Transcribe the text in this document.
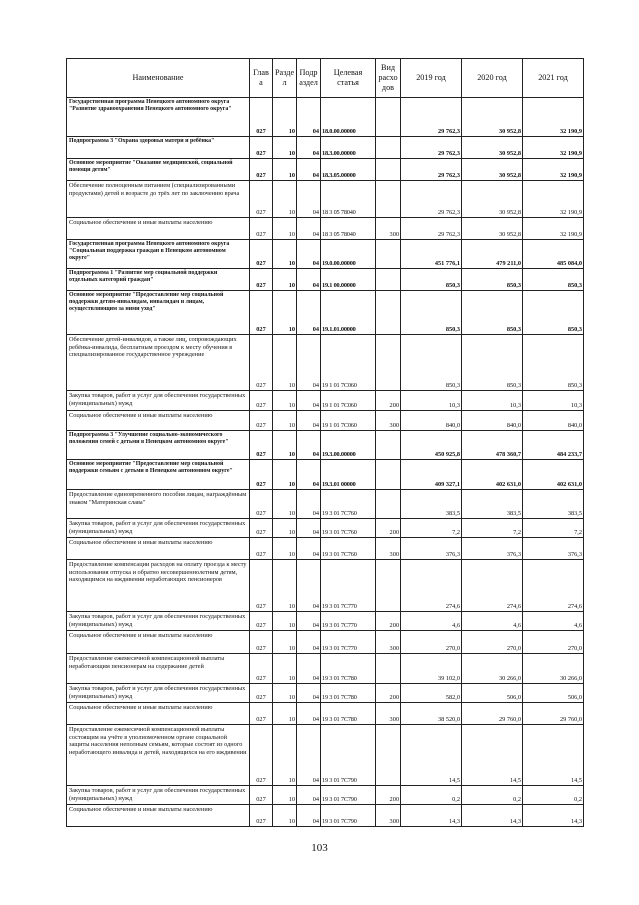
Наименование	Глав а	Разде л	Подр аздел	Целевая статья	Вид расхо дов	2019 год	2020 год	2021 год
Государственная программа Ненецкого автономного округа "Развитие здравоохранения Ненецкого автономного округа"	027	10	04	18.0.00.00000		29 762,3	30 952,8	32 190,9
Подпрограмма 3 "Охрана здоровья матери и ребёнка"	027	10	04	18.3.00.00000		29 762,3	30 952,8	32 190,9
Основное мероприятие "Оказание медицинской, социальной помощи детям"	027	10	04	18.3.05.00000		29 762,3	30 952,8	32 190,9
Обеспечение полноценным питанием (специализированными продуктами) детей в возрасте до трёх лет по заключению врача	027	10	04	18 3 05 78040		29 762,3	30 952,8	32 190,9
Социальное обеспечение и иные выплаты населению	027	10	04	18 3 05 78040	300	29 762,3	30 952,8	32 190,9
Государственная программа Ненецкого автономного округа "Социальная поддержка граждан в Ненецком автономном округе"	027	10	04	19.0.00.00000		451 776,1	479 211,0	485 084,0
Подпрограмма 1 "Развитие мер социальной поддержки отдельных категорий граждан"	027	10	04	19.1 00.00000		850,3	850,3	850,3
Основное мероприятие "Предоставление мер социальной поддержки детям-инвалидам, инвалидам и лицам, осуществляющим за ними уход"	027	10	04	19.1.01.00000		850,3	850,3	850,3
Обеспечение детей-инвалидов, а также лиц, сопровождающих ребёнка-инвалида, бесплатным проездом к месту обучения в специализированное государственное учреждение	027	10	04	19 1 01 7C060		850,3	850,3	850,3
Закупка товаров, работ и услуг для обеспечения государственных (муниципальных) нужд	027	10	04	19 1 01 7C060	200	10,3	10,3	10,3
Социальное обеспечение и иные выплаты населению	027	10	04	19 1 01 7C060	300	840,0	840,0	840,0
Подпрограмма 3 "Улучшение социально-экономического положения семей с детьми в Ненецком автономном округе"	027	10	04	19.3.00.00000		450 925,8	478 360,7	484 233,7
Основное мероприятие "Предоставление мер социальной поддержки семьям с детьми в Ненецком автономном округе"	027	10	04	19.3.01 00000		409 327,1	402 631,0	402 631,0
Предоставление единовременного пособия лицам, награждённым знаком "Материнская слава"	027	10	04	19 3 01 7C760		383,5	383,5	383,5
Закупка товаров, работ и услуг для обеспечения государственных (муниципальных) нужд	027	10	04	19 3 01 7C760	200	7,2	7,2	7,2
Социальное обеспечение и иные выплаты населению	027	10	04	19 3 01 7C760	300	376,3	376,3	376,3
Предоставление компенсации расходов на оплату проезда к месту использования отпуска и обратно несовершеннолетним детям, находящимся на иждивении неработающих пенсионеров	027	10	04	19 3 01 7C770		274,6	274,6	274,6
Закупка товаров, работ и услуг для обеспечения государственных (муниципальных) нужд	027	10	04	19 3 01 7C770	200	4,6	4,6	4,6
Социальное обеспечение и иные выплаты населению	027	10	04	19 3 01 7C770	300	270,0	270,0	270,0
Предоставление ежемесячной компенсационной выплаты неработающим пенсионерам на содержание детей	027	10	04	19 3 01 7C780		39 102,0	30 266,0	30 266,0
Закупка товаров, работ и услуг для обеспечения государственных (муниципальных) нужд	027	10	04	19 3 01 7C780	200	582,0	506,0	506,0
Социальное обеспечение и иные выплаты населению	027	10	04	19 3 01 7C780	300	38 520,0	29 760,0	29 760,0
Предоставление ежемесячной компенсационной выплаты состоящим на учёте в уполномоченном органе социальной защиты населения неполным семьям, которые состоят из одного неработающего инвалида и детей, находящихся на его иждивении	027	10	04	19 3 01 7C790		14,5	14,5	14,5
Закупка товаров, работ и услуг для обеспечения государственных (муниципальных) нужд	027	10	04	19 3 01 7C790	200	0,2	0,2	0,2
Социальное обеспечение и иные выплаты населению	027	10	04	19 3 01 7C790	300	14,3	14,3	14,3
103
